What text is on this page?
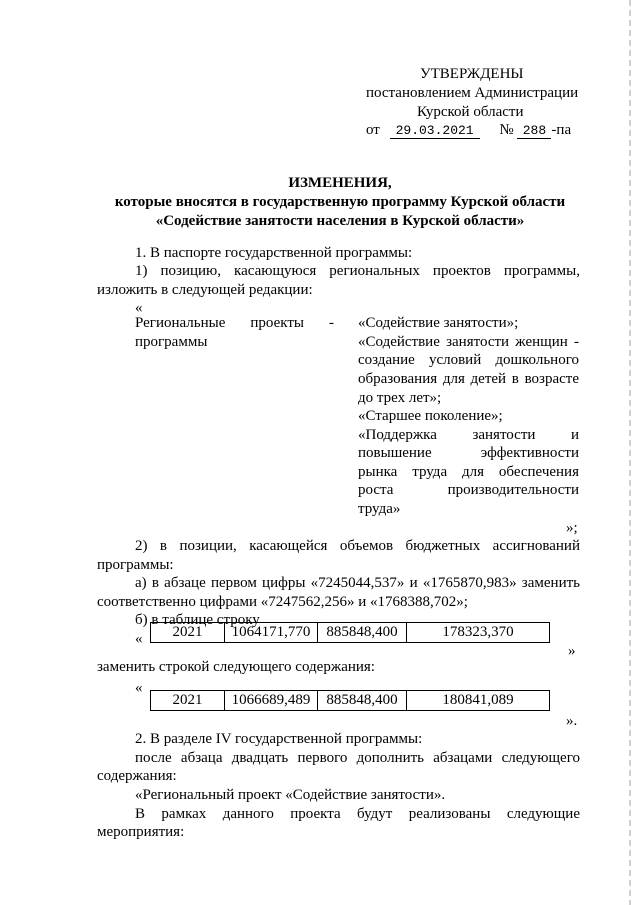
УТВЕРЖДЕНЫ
постановлением Администрации
Курской области
от 29.03.2021 № 288 -па
ИЗМЕНЕНИЯ,
которые вносятся в государственную программу Курской области
«Содействие занятости населения в Курской области»
1. В паспорте государственной программы:
1) позицию, касающуюся региональных проектов программы,
изложить в следующей редакции:
«
Региональные проекты -
программы
«Содействие занятости»;
«Содействие занятости женщин -
создание условий дошкольного
образования для детей в возрасте
до трех лет»;
«Старшее поколение»;
«Поддержка занятости и
повышение эффективности
рынка труда для обеспечения
роста производительности
труда»
»;
2) в позиции, касающейся объемов бюджетных ассигнований
программы:
а) в абзаце первом цифры «7245044,537» и «1765870,983» заменить
соответственно цифрами «7247562,256» и «1768388,702»;
б) в таблице строку
« 2021	1064171,770	885848,400	178323,370
»
заменить строкой следующего содержания:
«
2021	1066689,489	885848,400	180841,089
».
2. В разделе IV государственной программы:
после абзаца двадцать первого дополнить абзацами следующего
содержания:
«Региональный проект «Содействие занятости».
В рамках данного проекта будут реализованы следующие
мероприятия:
